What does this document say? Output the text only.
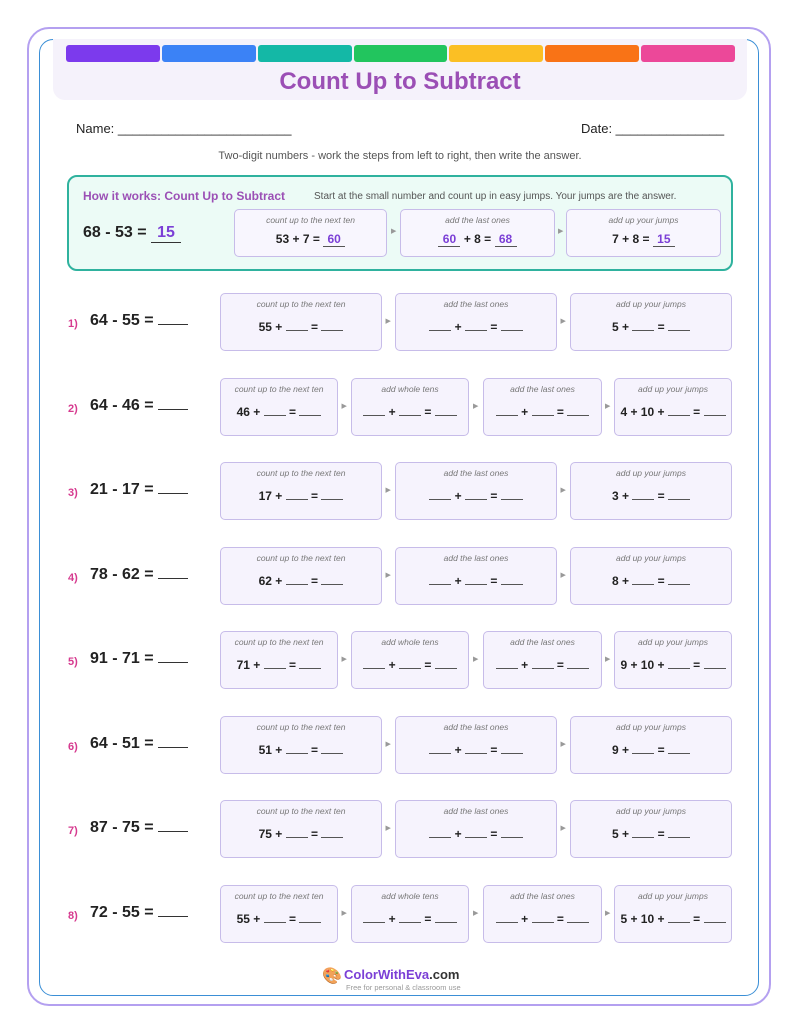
Count Up to Subtract
Name: ________________________	Date: _______________
Two-digit numbers - work the steps from left to right, then write the answer.
How it works: Count Up to Subtract	Start at the small number and count up in easy jumps. Your jumps are the answer.
68 - 53 = 15
count up to the next ten
53 + 7 = 60
▶
add the last ones
60 + 8 = 68
▶
add up your jumps
7 + 8 = 15
1) 64 - 55 =
count up to the next ten
55 +  =	▶
add the last ones
+  =	▶
add up your jumps
5 +  =
2) 64 - 46 =
count up to the next ten
46 +  =	▶
add whole tens
+  =	▶
add the last ones
+  =	▶
add up your jumps
4 + 10 +  =
3) 21 - 17 =
count up to the next ten
17 +  =	▶
add the last ones
+  =	▶
add up your jumps
3 +  =
4) 78 - 62 =
count up to the next ten
62 +  =	▶
add the last ones
+  =	▶
add up your jumps
8 +  =
5) 91 - 71 =
count up to the next ten
71 +  =	▶
add whole tens
+  =	▶
add the last ones
+  =	▶
add up your jumps
9 + 10 +  =
6) 64 - 51 =
count up to the next ten
51 +  =	▶
add the last ones
+  =	▶
add up your jumps
9 +  =
7) 87 - 75 =
count up to the next ten
75 +  =	▶
add the last ones
+  =	▶
add up your jumps
5 +  =
8) 72 - 55 =
count up to the next ten
55 +  =	▶
add whole tens
+  =	▶
add the last ones
+  =	▶
add up your jumps
5 + 10 +  =
🎨 ColorWithEva.com
Free for personal & classroom use
